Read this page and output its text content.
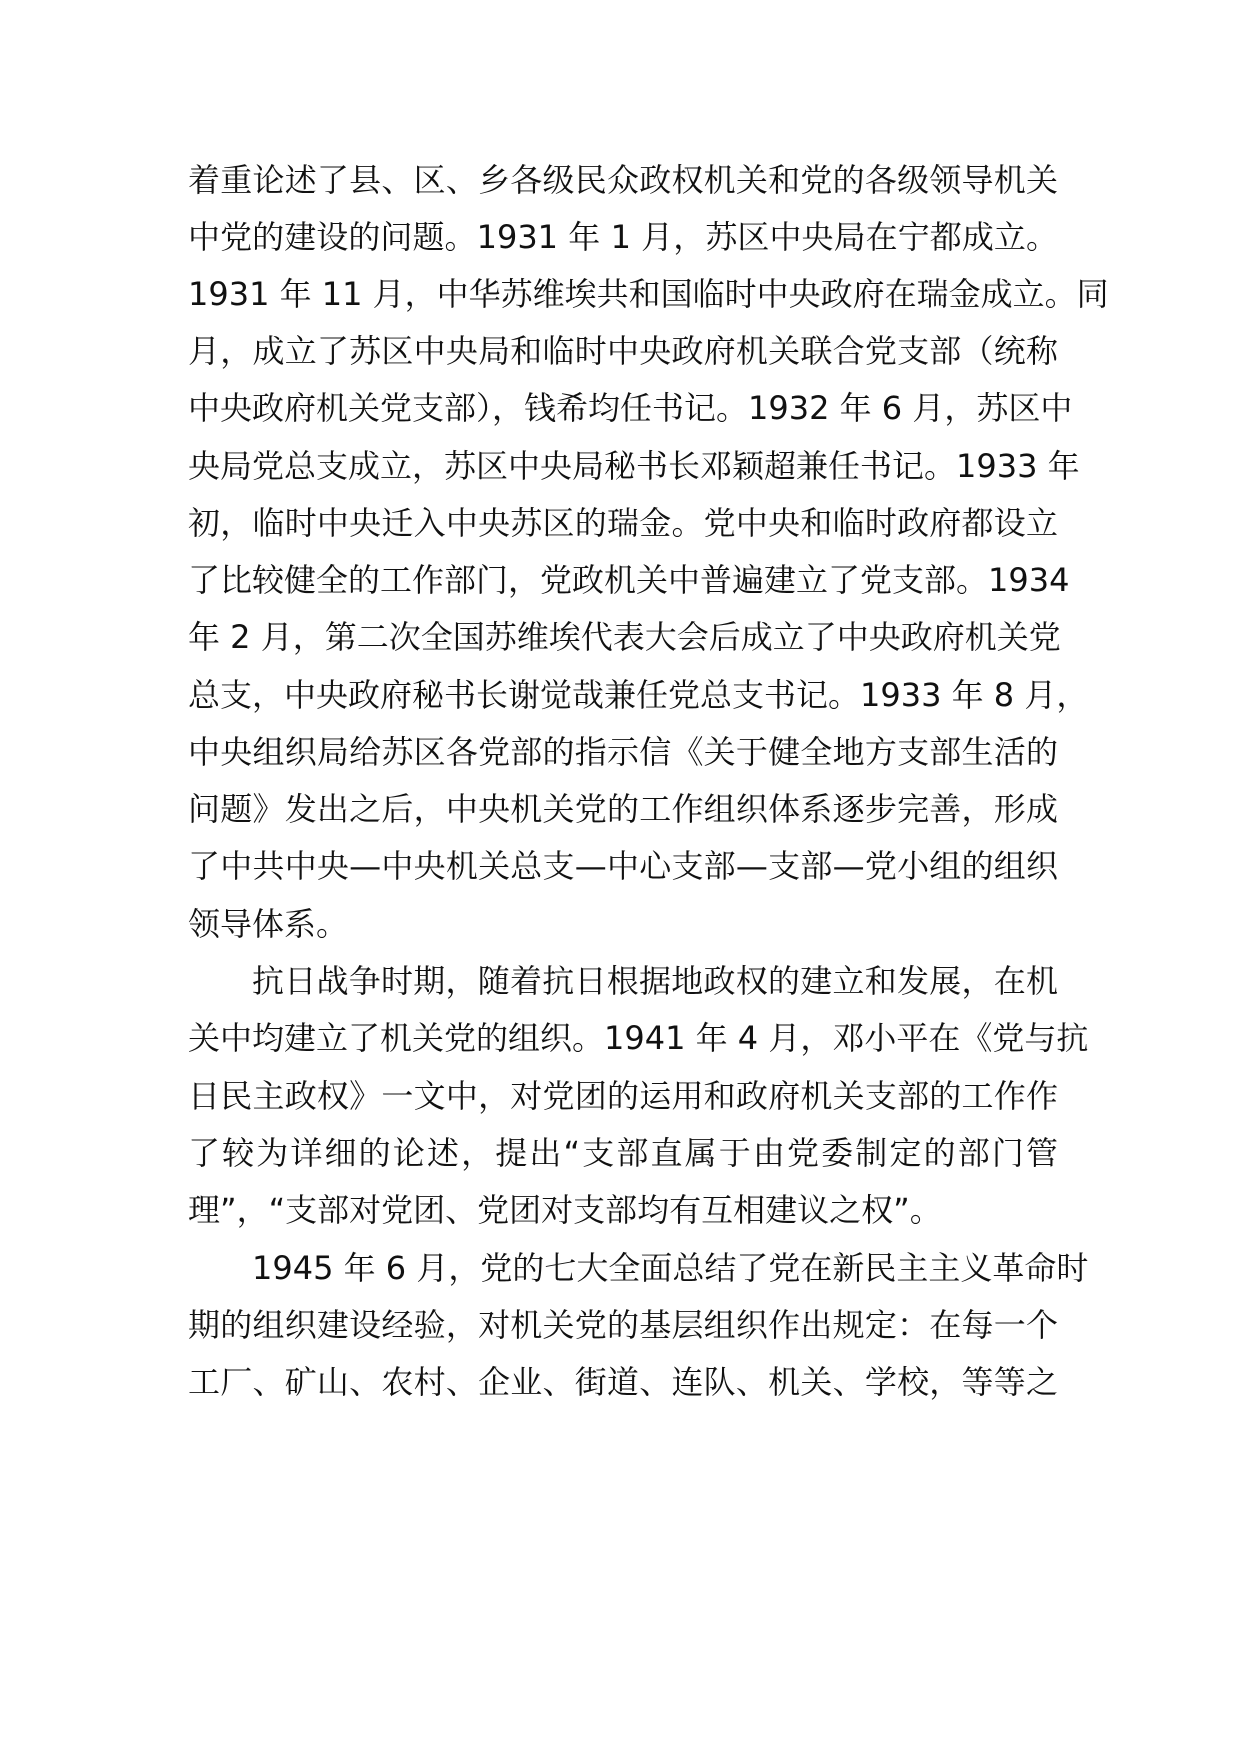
着重论述了县、区、乡各级民众政权机关和党的各级领导机关
中党的建设的问题。1931 年 1 月，苏区中央局在宁都成立。
1931 年 11 月，中华苏维埃共和国临时中央政府在瑞金成立。同
月，成立了苏区中央局和临时中央政府机关联合党支部（统称
中央政府机关党支部），钱希均任书记。1932 年 6 月，苏区中
央局党总支成立，苏区中央局秘书长邓颖超兼任书记。1933 年
初，临时中央迁入中央苏区的瑞金。党中央和临时政府都设立
了比较健全的工作部门，党政机关中普遍建立了党支部。1934
年 2 月，第二次全国苏维埃代表大会后成立了中央政府机关党
总支，中央政府秘书长谢觉哉兼任党总支书记。1933 年 8 月，
中央组织局给苏区各党部的指示信《关于健全地方支部生活的
问题》发出之后，中央机关党的工作组织体系逐步完善，形成
了中共中央—中央机关总支—中心支部—支部—党小组的组织
领导体系。
抗日战争时期，随着抗日根据地政权的建立和发展，在机
关中均建立了机关党的组织。1941 年 4 月，邓小平在《党与抗
日民主政权》一文中，对党团的运用和政府机关支部的工作作
了较为详细的论述，提出“支部直属于由党委制定的部门管
理”，“支部对党团、党团对支部均有互相建议之权”。
1945 年 6 月，党的七大全面总结了党在新民主主义革命时
期的组织建设经验，对机关党的基层组织作出规定：在每一个
工厂、矿山、农村、企业、街道、连队、机关、学校，等等之
